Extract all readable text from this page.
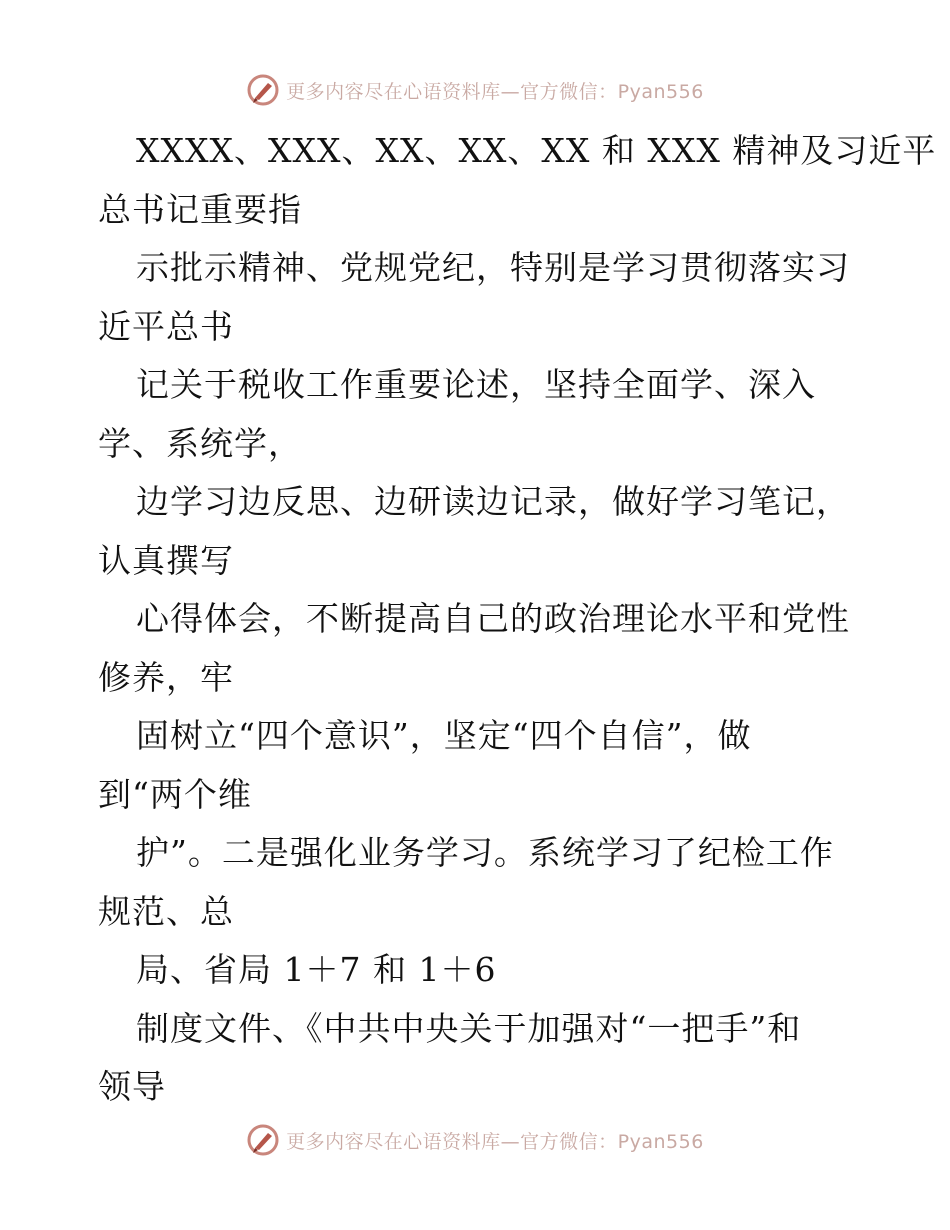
更多内容尽在心语资料库—官方微信：Pyan556
XXXX、XXX、XX、XX、XX 和 XXX 精神及习近平
总书记重要指
示批示精神、党规党纪，特别是学习贯彻落实习
近平总书
记关于税收工作重要论述，坚持全面学、深入
学、系统学，
边学习边反思、边研读边记录，做好学习笔记，
认真撰写
心得体会，不断提高自己的政治理论水平和党性
修养，牢
固树立“四个意识”，坚定“四个自信”，做
到“两个维
护”。二是强化业务学习。系统学习了纪检工作
规范、总
局、省局 1＋7 和 1＋6
制度文件、《中共中央关于加强对“一把手”和
领导
更多内容尽在心语资料库—官方微信：Pyan556
